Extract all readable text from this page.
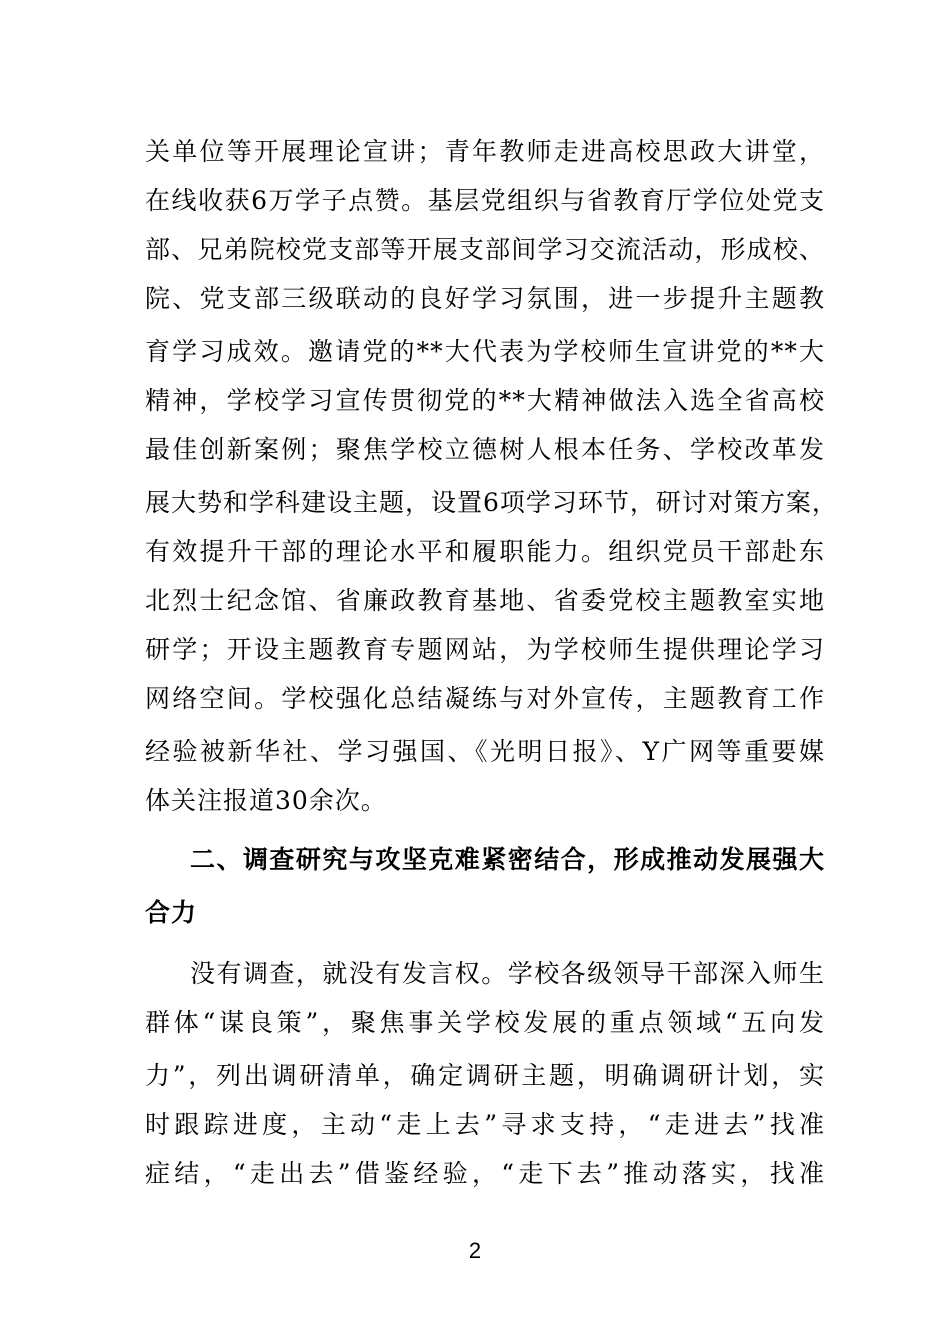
关单位等开展理论宣讲；青年教师走进高校思政大讲堂，
在线收获6万学子点赞。基层党组织与省教育厅学位处党支
部、兄弟院校党支部等开展支部间学习交流活动，形成校、
院、党支部三级联动的良好学习氛围，进一步提升主题教
育学习成效。邀请党的**大代表为学校师生宣讲党的**大
精神，学校学习宣传贯彻党的**大精神做法入选全省高校
最佳创新案例；聚焦学校立德树人根本任务、学校改革发
展大势和学科建设主题，设置6项学习环节，研讨对策方案，
有效提升干部的理论水平和履职能力。组织党员干部赴东
北烈士纪念馆、省廉政教育基地、省委党校主题教室实地
研学；开设主题教育专题网站，为学校师生提供理论学习
网络空间。学校强化总结凝练与对外宣传，主题教育工作
经验被新华社、学习强国、《光明日报》、Y广网等重要媒
体关注报道30余次。
二、调查研究与攻坚克难紧密结合，形成推动发展强大
合力
没有调查，就没有发言权。学校各级领导干部深入师生
群体“谋良策”，聚焦事关学校发展的重点领域“五向发
力”，列出调研清单，确定调研主题，明确调研计划，实
时跟踪进度，主动“走上去”寻求支持，“走进去”找准
症结，“走出去”借鉴经验，“走下去”推动落实，找准
2
